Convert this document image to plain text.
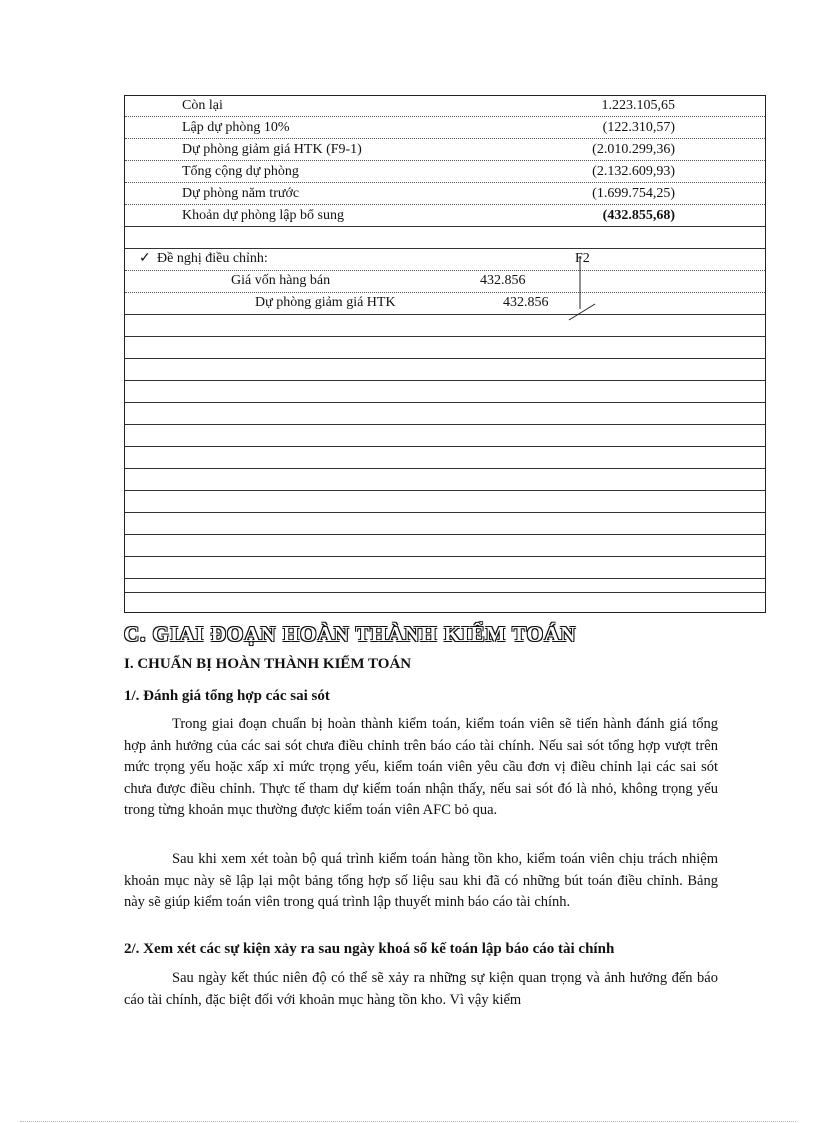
Còn lại	1.223.105,65
Lập dự phòng 10%	(122.310,57)
Dự phòng giảm giá HTK (F9-1)	(2.010.299,36)
Tổng cộng dự phòng	(2.132.609,93)
Dự phòng năm trước	(1.699.754,25)
Khoản dự phòng lập bổ sung	(432.855,68)
✓ Đề nghị điều chỉnh:	F2
Giá vốn hàng bán	432.856
Dự phòng giảm giá HTK	432.856
C. GIAI ĐOẠN HOÀN THÀNH KIỂM TOÁN
I. CHUẨN BỊ HOÀN THÀNH KIỂM TOÁN
1/. Đánh giá tổng hợp các sai sót

Trong giai đoạn chuẩn bị hoàn thành kiểm toán, kiểm toán viên sẽ tiến hành đánh giá tổng hợp ảnh hưởng của các sai sót chưa điều chỉnh trên báo cáo tài chính. Nếu sai sót tổng hợp vượt trên mức trọng yếu hoặc xấp xỉ mức trọng yếu, kiểm toán viên yêu cầu đơn vị điều chỉnh lại các sai sót chưa được điều chỉnh. Thực tế tham dự kiểm toán nhận thấy, nếu sai sót đó là nhỏ, không trọng yếu trong từng khoản mục thường được kiểm toán viên AFC bỏ qua.

Sau khi xem xét toàn bộ quá trình kiểm toán hàng tồn kho, kiểm toán viên chịu trách nhiệm khoản mục này sẽ lập lại một bảng tổng hợp số liệu sau khi đã có những bút toán điều chỉnh. Bảng này sẽ giúp kiểm toán viên trong quá trình lập thuyết minh báo cáo tài chính.

2/. Xem xét các sự kiện xảy ra sau ngày khoá sổ kế toán lập báo cáo tài chính

Sau ngày kết thúc niên độ có thể sẽ xảy ra những sự kiện quan trọng và ảnh hưởng đến báo cáo tài chính, đặc biệt đối với khoản mục hàng tồn kho. Vì vậy kiểm
